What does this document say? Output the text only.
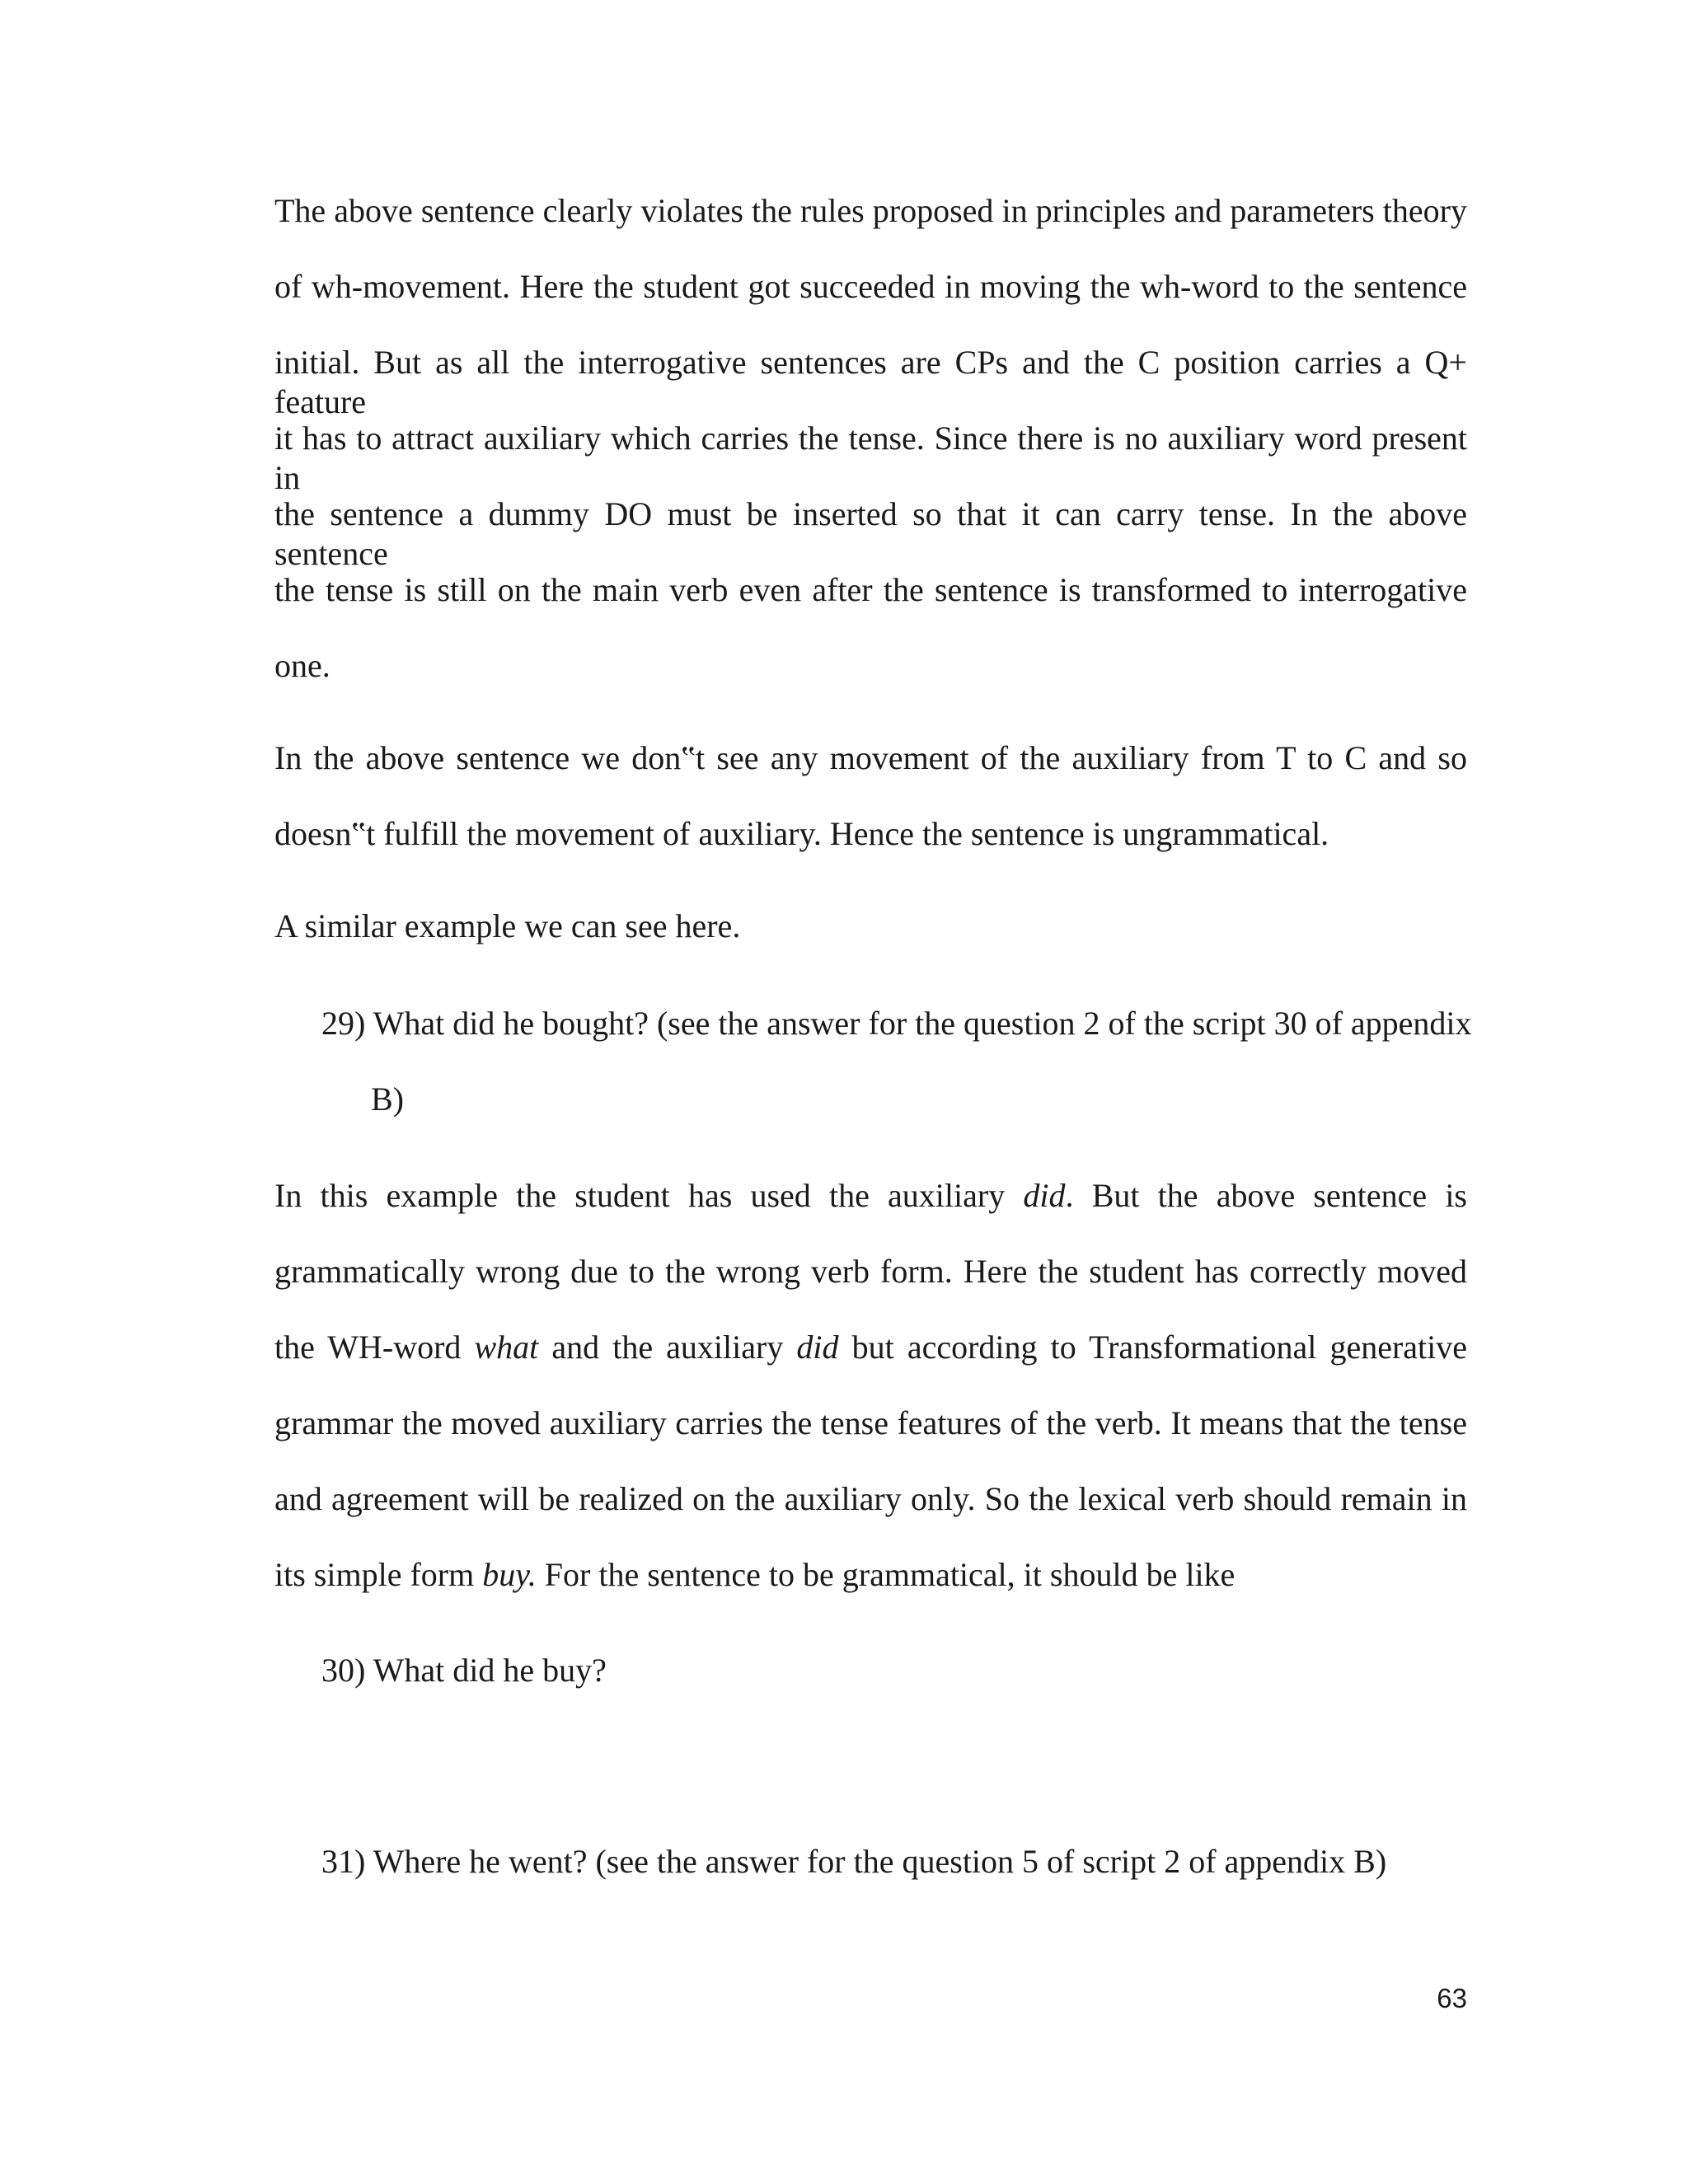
The above sentence clearly violates the rules proposed in principles and parameters theory
of wh-movement. Here the student got succeeded in moving the wh-word to the sentence
initial. But as all the interrogative sentences are CPs and the C position carries a Q+ feature
it has to attract auxiliary which carries the tense. Since there is no auxiliary word present in
the sentence a dummy DO must be inserted so that it can carry tense. In the above sentence
the tense is still on the main verb even after the sentence is transformed to interrogative
one.
In the above sentence we don‟t see any movement of the auxiliary from T to C and so
doesn‟t fulfill the movement of auxiliary. Hence the sentence is ungrammatical.
A similar example we can see here.
29) What did he bought? (see the answer for the question 2 of the script 30 of appendix
B)
In this example the student has used the auxiliary did. But the above sentence is
grammatically wrong due to the wrong verb form. Here the student has correctly moved
the WH-word what and the auxiliary did but according to Transformational generative
grammar the moved auxiliary carries the tense features of the verb. It means that the tense
and agreement will be realized on the auxiliary only. So the lexical verb should remain in
its simple form buy. For the sentence to be grammatical, it should be like
30) What did he buy?
31) Where he went? (see the answer for the question 5 of script 2 of appendix B)
63
